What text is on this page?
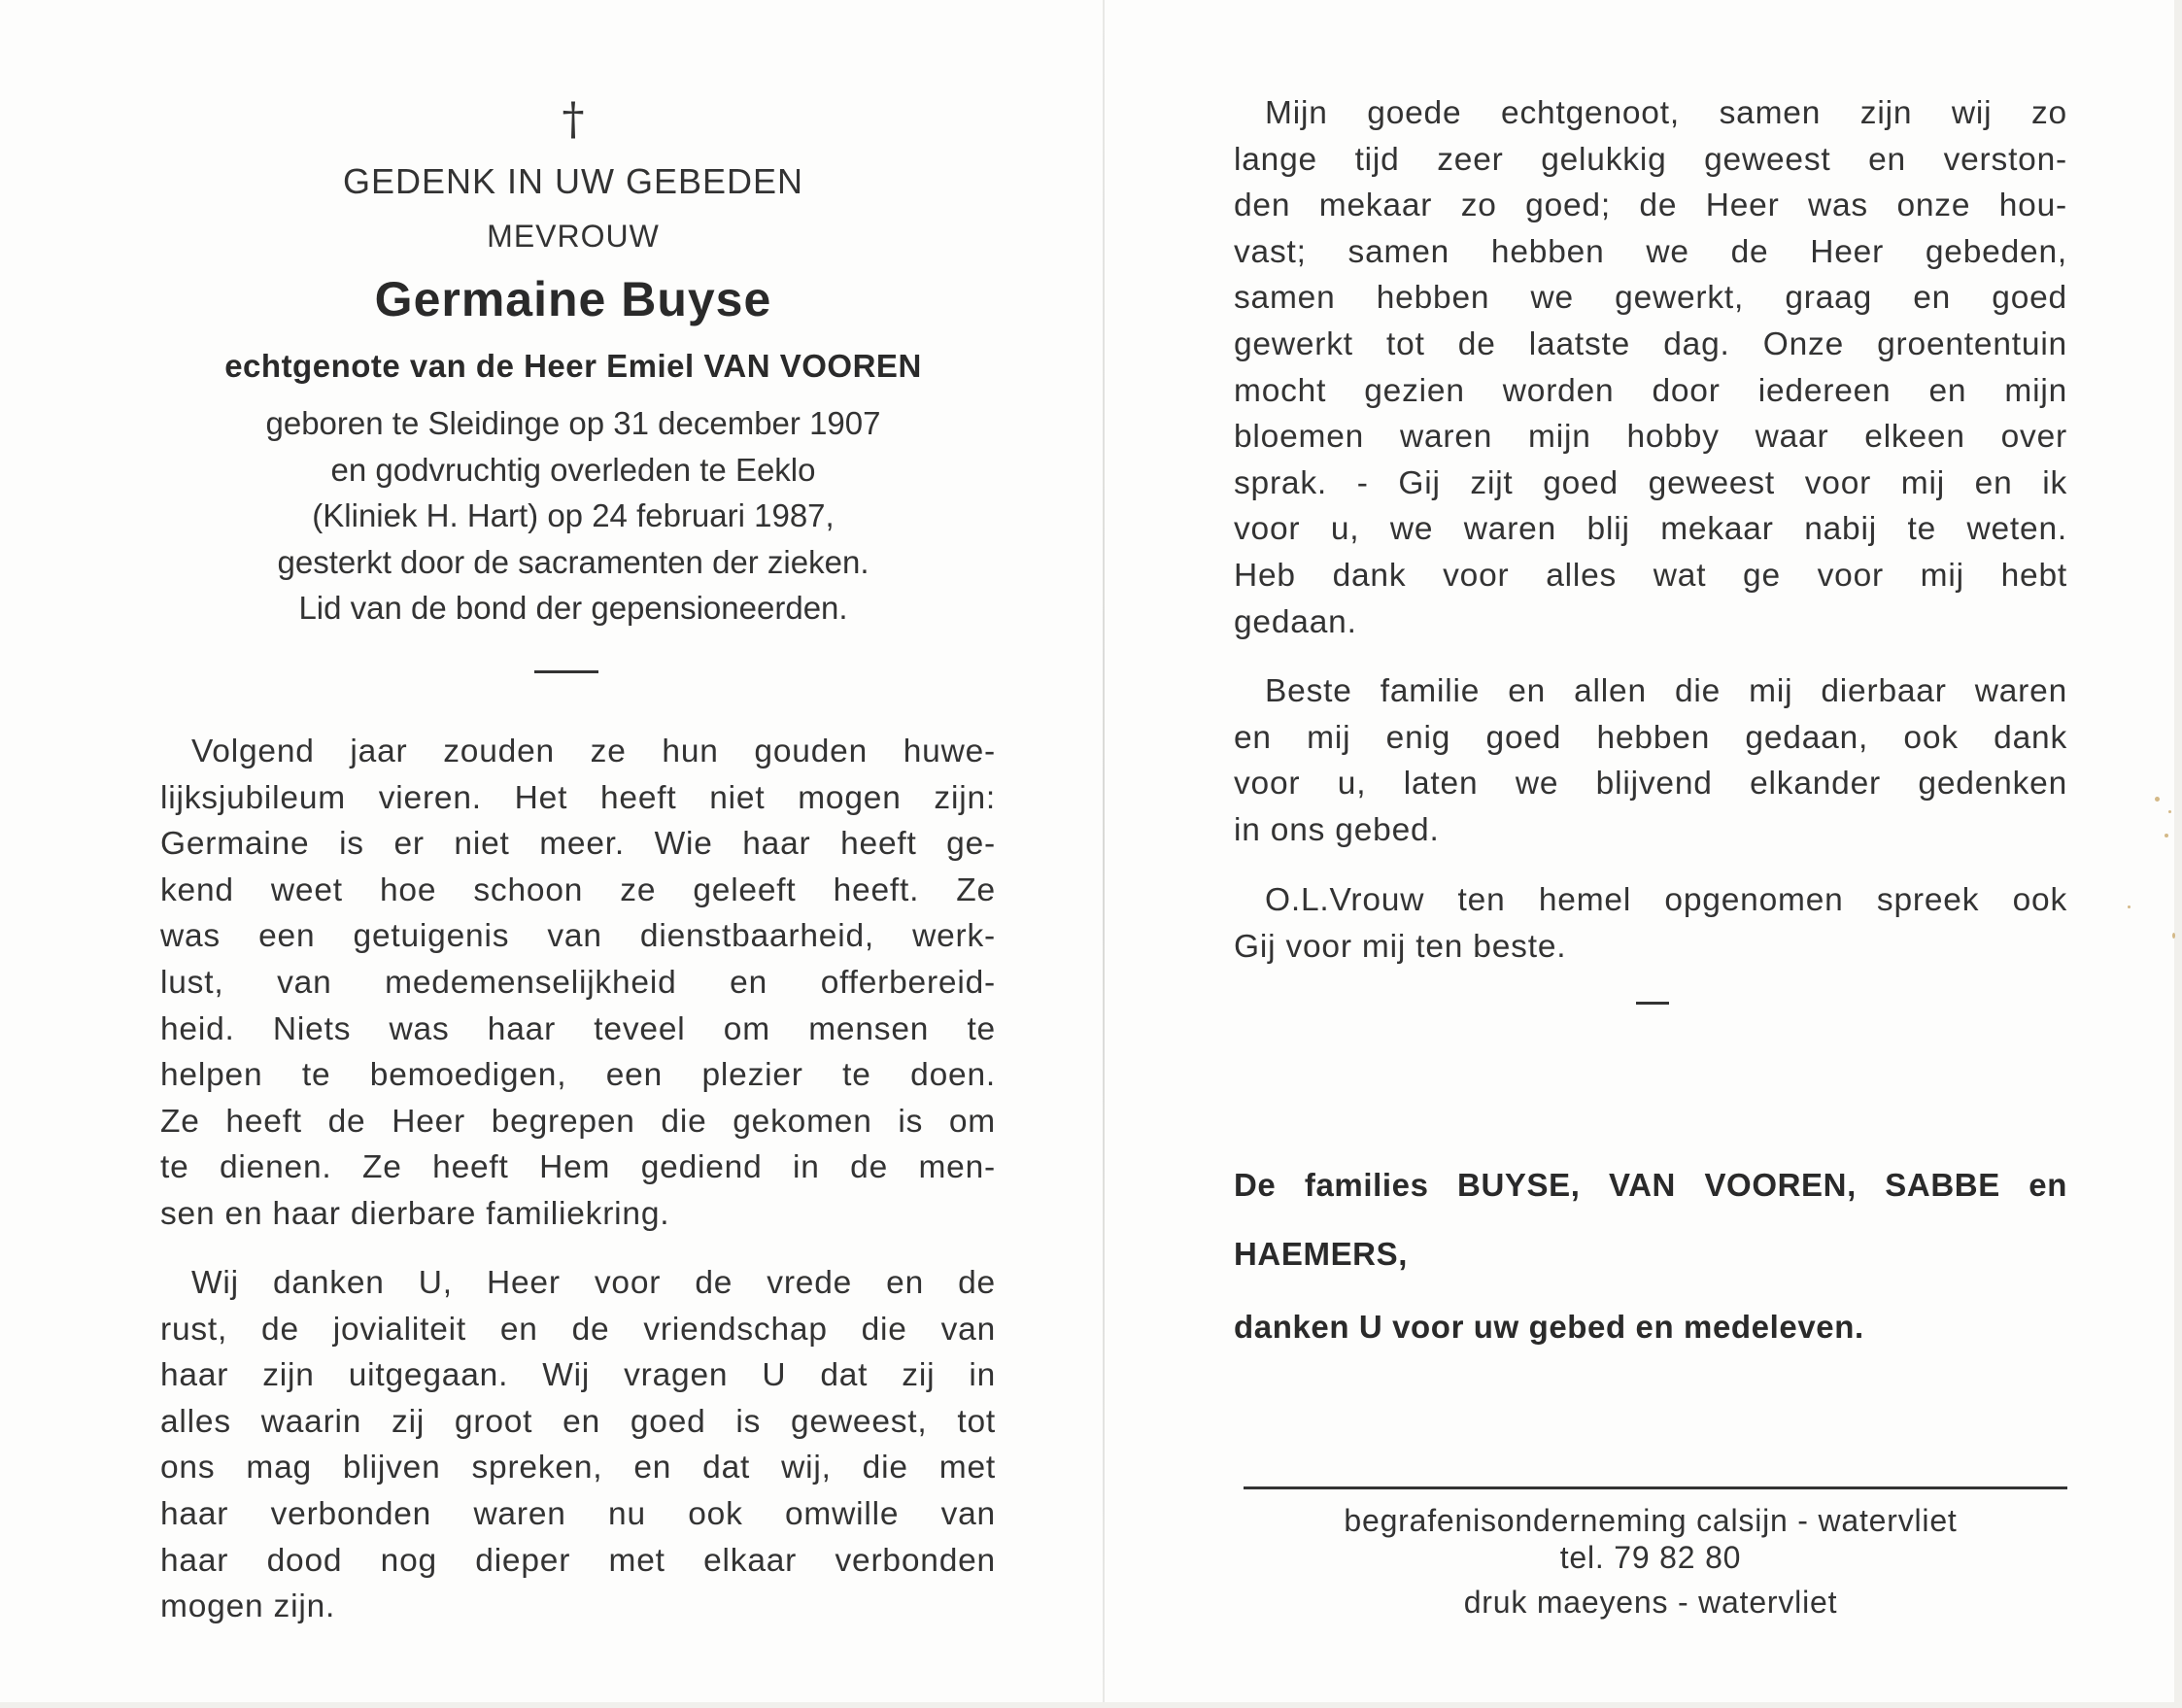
†
GEDENK IN UW GEBEDEN
MEVROUW
Germaine Buyse
echtgenote van de Heer Emiel VAN VOOREN
geboren te Sleidinge op 31 december 1907
en godvruchtig overleden te Eeklo
(Kliniek H. Hart) op 24 februari 1987,
gesterkt door de sacramenten der zieken.
Lid van de bond der gepensioneerden.
Volgend jaar zouden ze hun gouden huwe-
lijksjubileum vieren. Het heeft niet mogen zijn:
Germaine is er niet meer. Wie haar heeft ge-
kend weet hoe schoon ze geleeft heeft. Ze
was een getuigenis van dienstbaarheid, werk-
lust, van medemenselijkheid en offerbereid-
heid. Niets was haar teveel om mensen te
helpen te bemoedigen, een plezier te doen.
Ze heeft de Heer begrepen die gekomen is om
te dienen. Ze heeft Hem gediend in de men-
sen en haar dierbare familiekring.
Wij danken U, Heer voor de vrede en de
rust, de jovialiteit en de vriendschap die van
haar zijn uitgegaan. Wij vragen U dat zij in
alles waarin zij groot en goed is geweest, tot
ons mag blijven spreken, en dat wij, die met
haar verbonden waren nu ook omwille van
haar dood nog dieper met elkaar verbonden
mogen zijn.
Mijn goede echtgenoot, samen zijn wij zo
lange tijd zeer gelukkig geweest en verston-
den mekaar zo goed; de Heer was onze hou-
vast; samen hebben we de Heer gebeden,
samen hebben we gewerkt, graag en goed
gewerkt tot de laatste dag. Onze groententuin
mocht gezien worden door iedereen en mijn
bloemen waren mijn hobby waar elkeen over
sprak. - Gij zijt goed geweest voor mij en ik
voor u, we waren blij mekaar nabij te weten.
Heb dank voor alles wat ge voor mij hebt
gedaan.
Beste familie en allen die mij dierbaar waren
en mij enig goed hebben gedaan, ook dank
voor u, laten we blijvend elkander gedenken
in ons gebed.
O.L.Vrouw ten hemel opgenomen spreek ook
Gij voor mij ten beste.
De families BUYSE, VAN VOOREN, SABBE en
HAEMERS,
danken U voor uw gebed en medeleven.
begrafenisonderneming calsijn - watervliet
tel. 79 82 80
druk maeyens - watervliet
